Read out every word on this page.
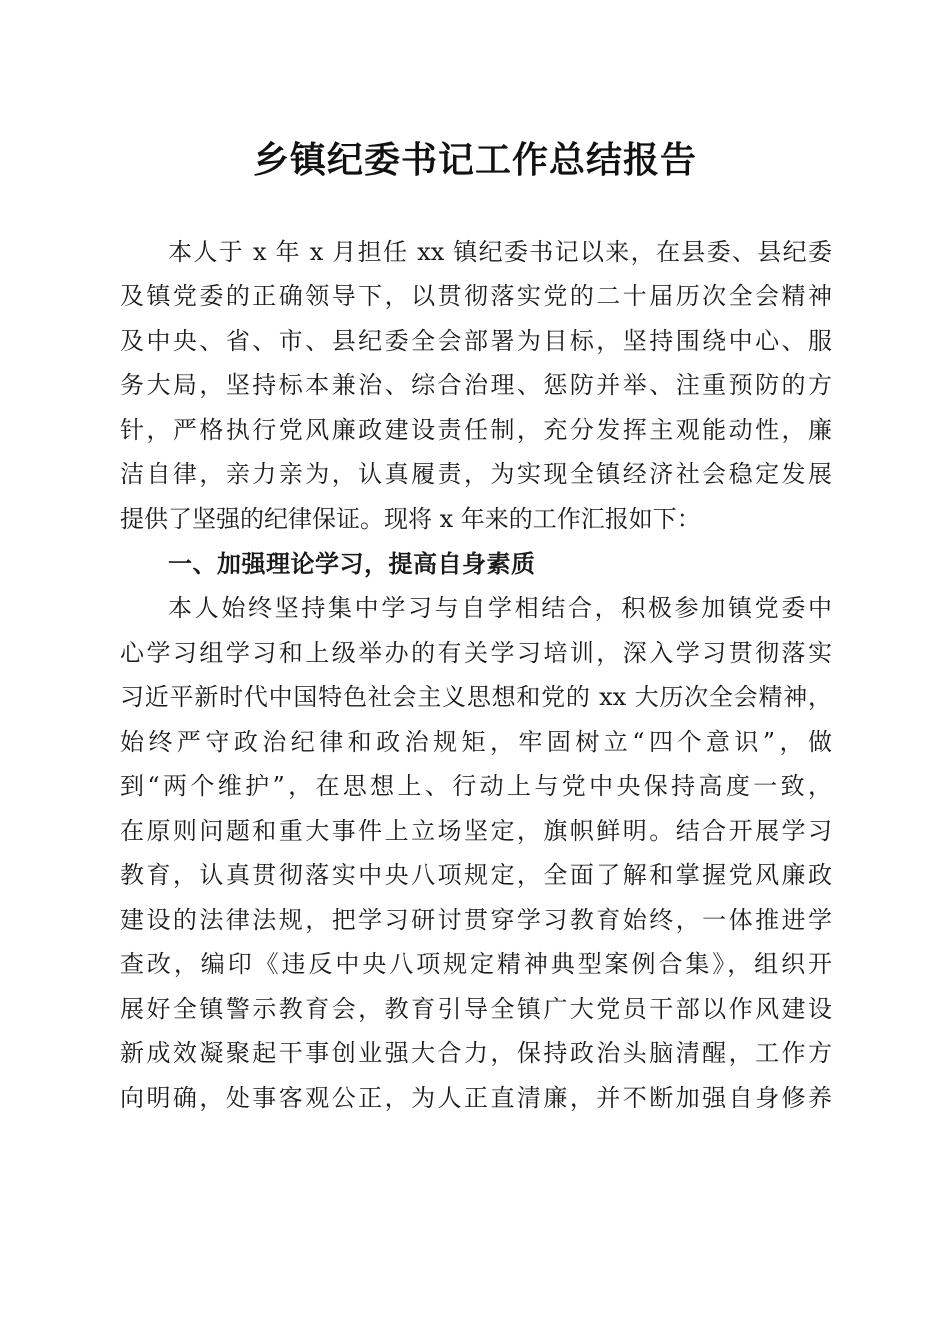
乡镇纪委书记工作总结报告

本人于 x 年 x 月担任 xx 镇纪委书记以来，在县委、县纪委

及镇党委的正确领导下，以贯彻落实党的二十届历次全会精神

及中央、省、市、县纪委全会部署为目标，坚持围绕中心、服

务大局，坚持标本兼治、综合治理、惩防并举、注重预防的方

针，严格执行党风廉政建设责任制，充分发挥主观能动性，廉

洁自律，亲力亲为，认真履责，为实现全镇经济社会稳定发展

提供了坚强的纪律保证。现将 x 年来的工作汇报如下：

一、加强理论学习，提高自身素质

本人始终坚持集中学习与自学相结合，积极参加镇党委中

心学习组学习和上级举办的有关学习培训，深入学习贯彻落实

习近平新时代中国特色社会主义思想和党的 xx 大历次全会精神，

始终严守政治纪律和政治规矩，牢固树立“四个意识”，做

到“两个维护”，在思想上、行动上与党中央保持高度一致，

在原则问题和重大事件上立场坚定，旗帜鲜明。结合开展学习

教育，认真贯彻落实中央八项规定，全面了解和掌握党风廉政

建设的法律法规，把学习研讨贯穿学习教育始终，一体推进学

查改，编印《违反中央八项规定精神典型案例合集》，组织开

展好全镇警示教育会，教育引导全镇广大党员干部以作风建设

新成效凝聚起干事创业强大合力，保持政治头脑清醒，工作方

向明确，处事客观公正，为人正直清廉，并不断加强自身修养
